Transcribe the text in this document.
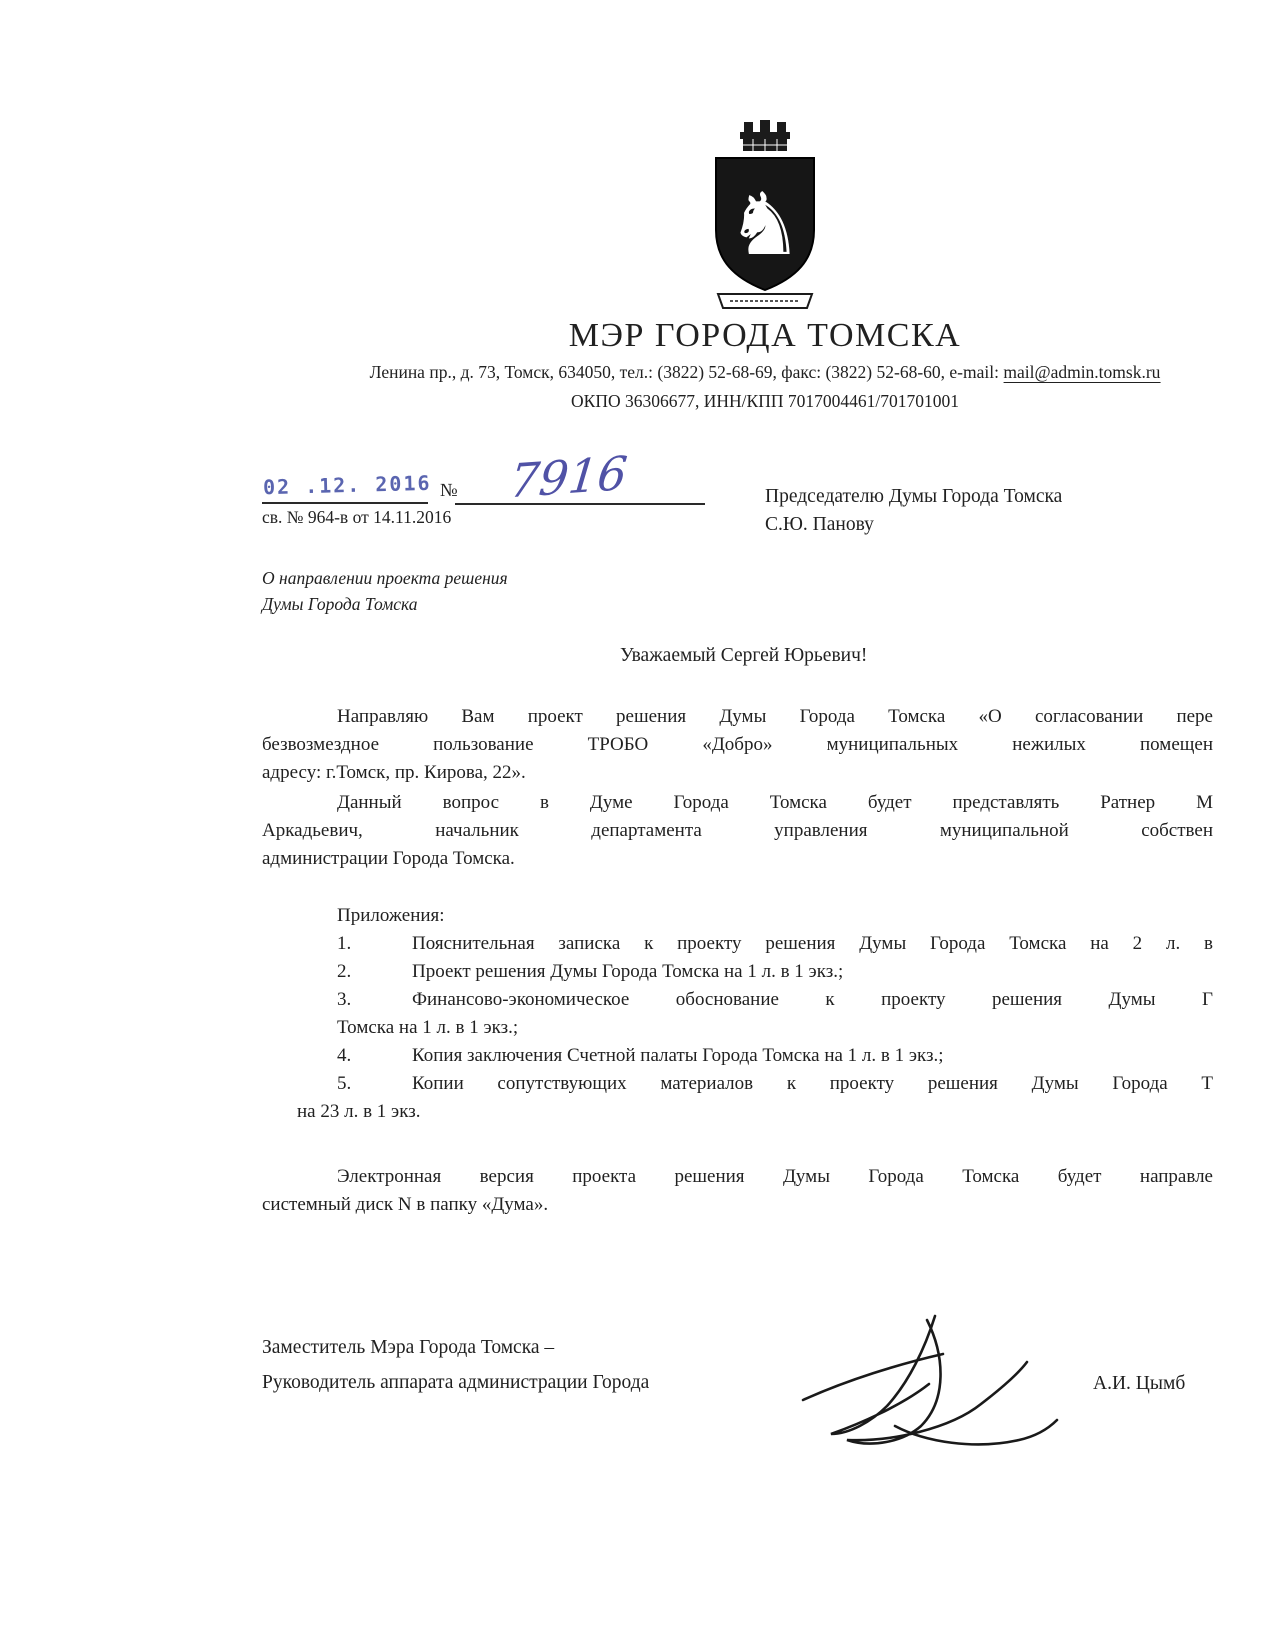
♞
МЭР ГОРОДА ТОМСКА
Ленина пр., д. 73, Томск, 634050, тел.: (3822) 52-68-69, факс: (3822) 52-68-60, e-mail: mail@admin.tomsk.ru
ОКПО 36306677, ИНН/КПП 7017004461/701701001
02 .12. 2016 № 7916
св. № 964-в от 14.11.2016
Председателю Думы Города Томска
С.Ю. Панову
О направлении проекта решения
Думы Города Томска
Уважаемый Сергей Юрьевич!
Направляю Вам проект решения Думы Города Томска «О согласовании пере
безвозмездное пользование ТРОБО «Добро» муниципальных нежилых помещен
адресу: г.Томск, пр. Кирова, 22».
Данный вопрос в Думе Города Томска будет представлять Ратнер М
Аркадьевич, начальник департамента управления муниципальной собствен
администрации Города Томска.
Приложения:
1.	Пояснительная записка к проекту решения Думы Города Томска на 2 л. в
2.	Проект решения Думы Города Томска на 1 л. в 1 экз.;
3.	Финансово-экономическое обоснование к проекту решения Думы Г
Томска на 1 л. в 1 экз.;
4.	Копия заключения Счетной палаты Города Томска на 1 л. в 1 экз.;
5.	Копии сопутствующих материалов к проекту решения Думы Города Т
на 23 л. в 1 экз.
Электронная версия проекта решения Думы Города Томска будет направле
системный диск N в папку «Дума».
Заместитель Мэра Города Томска –
Руководитель аппарата администрации Города	А.И. Цымб
